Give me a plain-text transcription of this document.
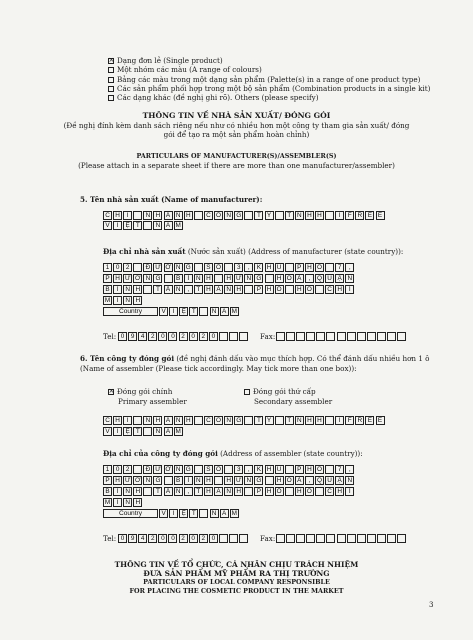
×Dạng đơn lẻ (Single product)
Một nhóm các màu (A range of colours)
Bảng các màu trong một dạng sản phẩm (Palette(s) in a range of one product type)
Các sản phẩm phối hợp trong một bộ sản phẩm (Combination products in a single kit)
Các dạng khác (đề nghị ghi rõ). Others (please specify)
THÔNG TIN VỀ NHÀ SẢN XUẤT/ ĐÓNG GÓI
(Đề nghị đính kèm danh sách riêng nếu như có nhiều hơn một công ty tham gia sản xuất/ đóng
gói để tạo ra một sản phẩm hoàn chỉnh)
PARTICULARS OF MANUFACTURER(S)/ASSEMBLER(S)
(Please attach in a separate sheet if there are more than one manufacturer/assembler)
5. Tên nhà sản xuất (Name of manufacturer):
C H	I	N H Á N H	C Ô N G	T Y	T N H H	I	F R E E
V	I	Ệ T	N A M
Địa chỉ nhà sản xuất (Nước sản xuất) (Address of manufacturer (state country)):
1	0	2	Đ Ư Ờ N G	S Ố	3	,	K H U	P H Ố	7	,
P H Ư Ờ N G	B	Ì	N H	H Ư N G	H O À	,	Q U Ậ N
B	Ì	N H	T Â N	,	T H À N H	P H Ố	H Ồ	C H	Í
M	I	N H
Country	V	I	Ệ T	N A M
Tel: 0	9	4	2	0	0	2	0	2	0	Fax:
6. Tên công ty đóng gói (đề nghị đánh dấu vào mục thích hợp. Có thể đánh dấu nhiều hơn 1 ô
(Name of assembler (Please tick accordingly. May tick more than one box)):
×Đóng gói chính
Primary assembler
Đóng gói thứ cấp
Secondary assembler
C H	I	N H Á N H	C Ô N G	T Y	T N H H	I	F R E E
V	I	Ệ T	N A M
Địa chỉ của công ty đóng gói (Address of assembler (state country)):
1	0	2	Đ Ư Ờ N G	S Ố	3	,	K H U	P H Ố	7	,
P H Ư Ờ N G	B	Ì	N H	H Ư N G	H O À	,	Q U Ậ N
B	Ì	N H	T Â N	,	T H À N H	P H Ố	H Ồ	C H	Í
M	I	N H
Country	V	I	Ệ T	N A M
Tel: 0	9	4	2	0	0	2	0	2	0	Fax:
THÔNG TIN VỀ TỔ CHỨC, CÁ NHÂN CHỊU TRÁCH NHIỆM
ĐƯA SẢN PHẨM MỸ PHẨM RA THỊ TRƯỜNG
PARTICULARS OF LOCAL COMPANY RESPONSIBLE
FOR PLACING THE COSMETIC PRODUCT IN THE MARKET
3
